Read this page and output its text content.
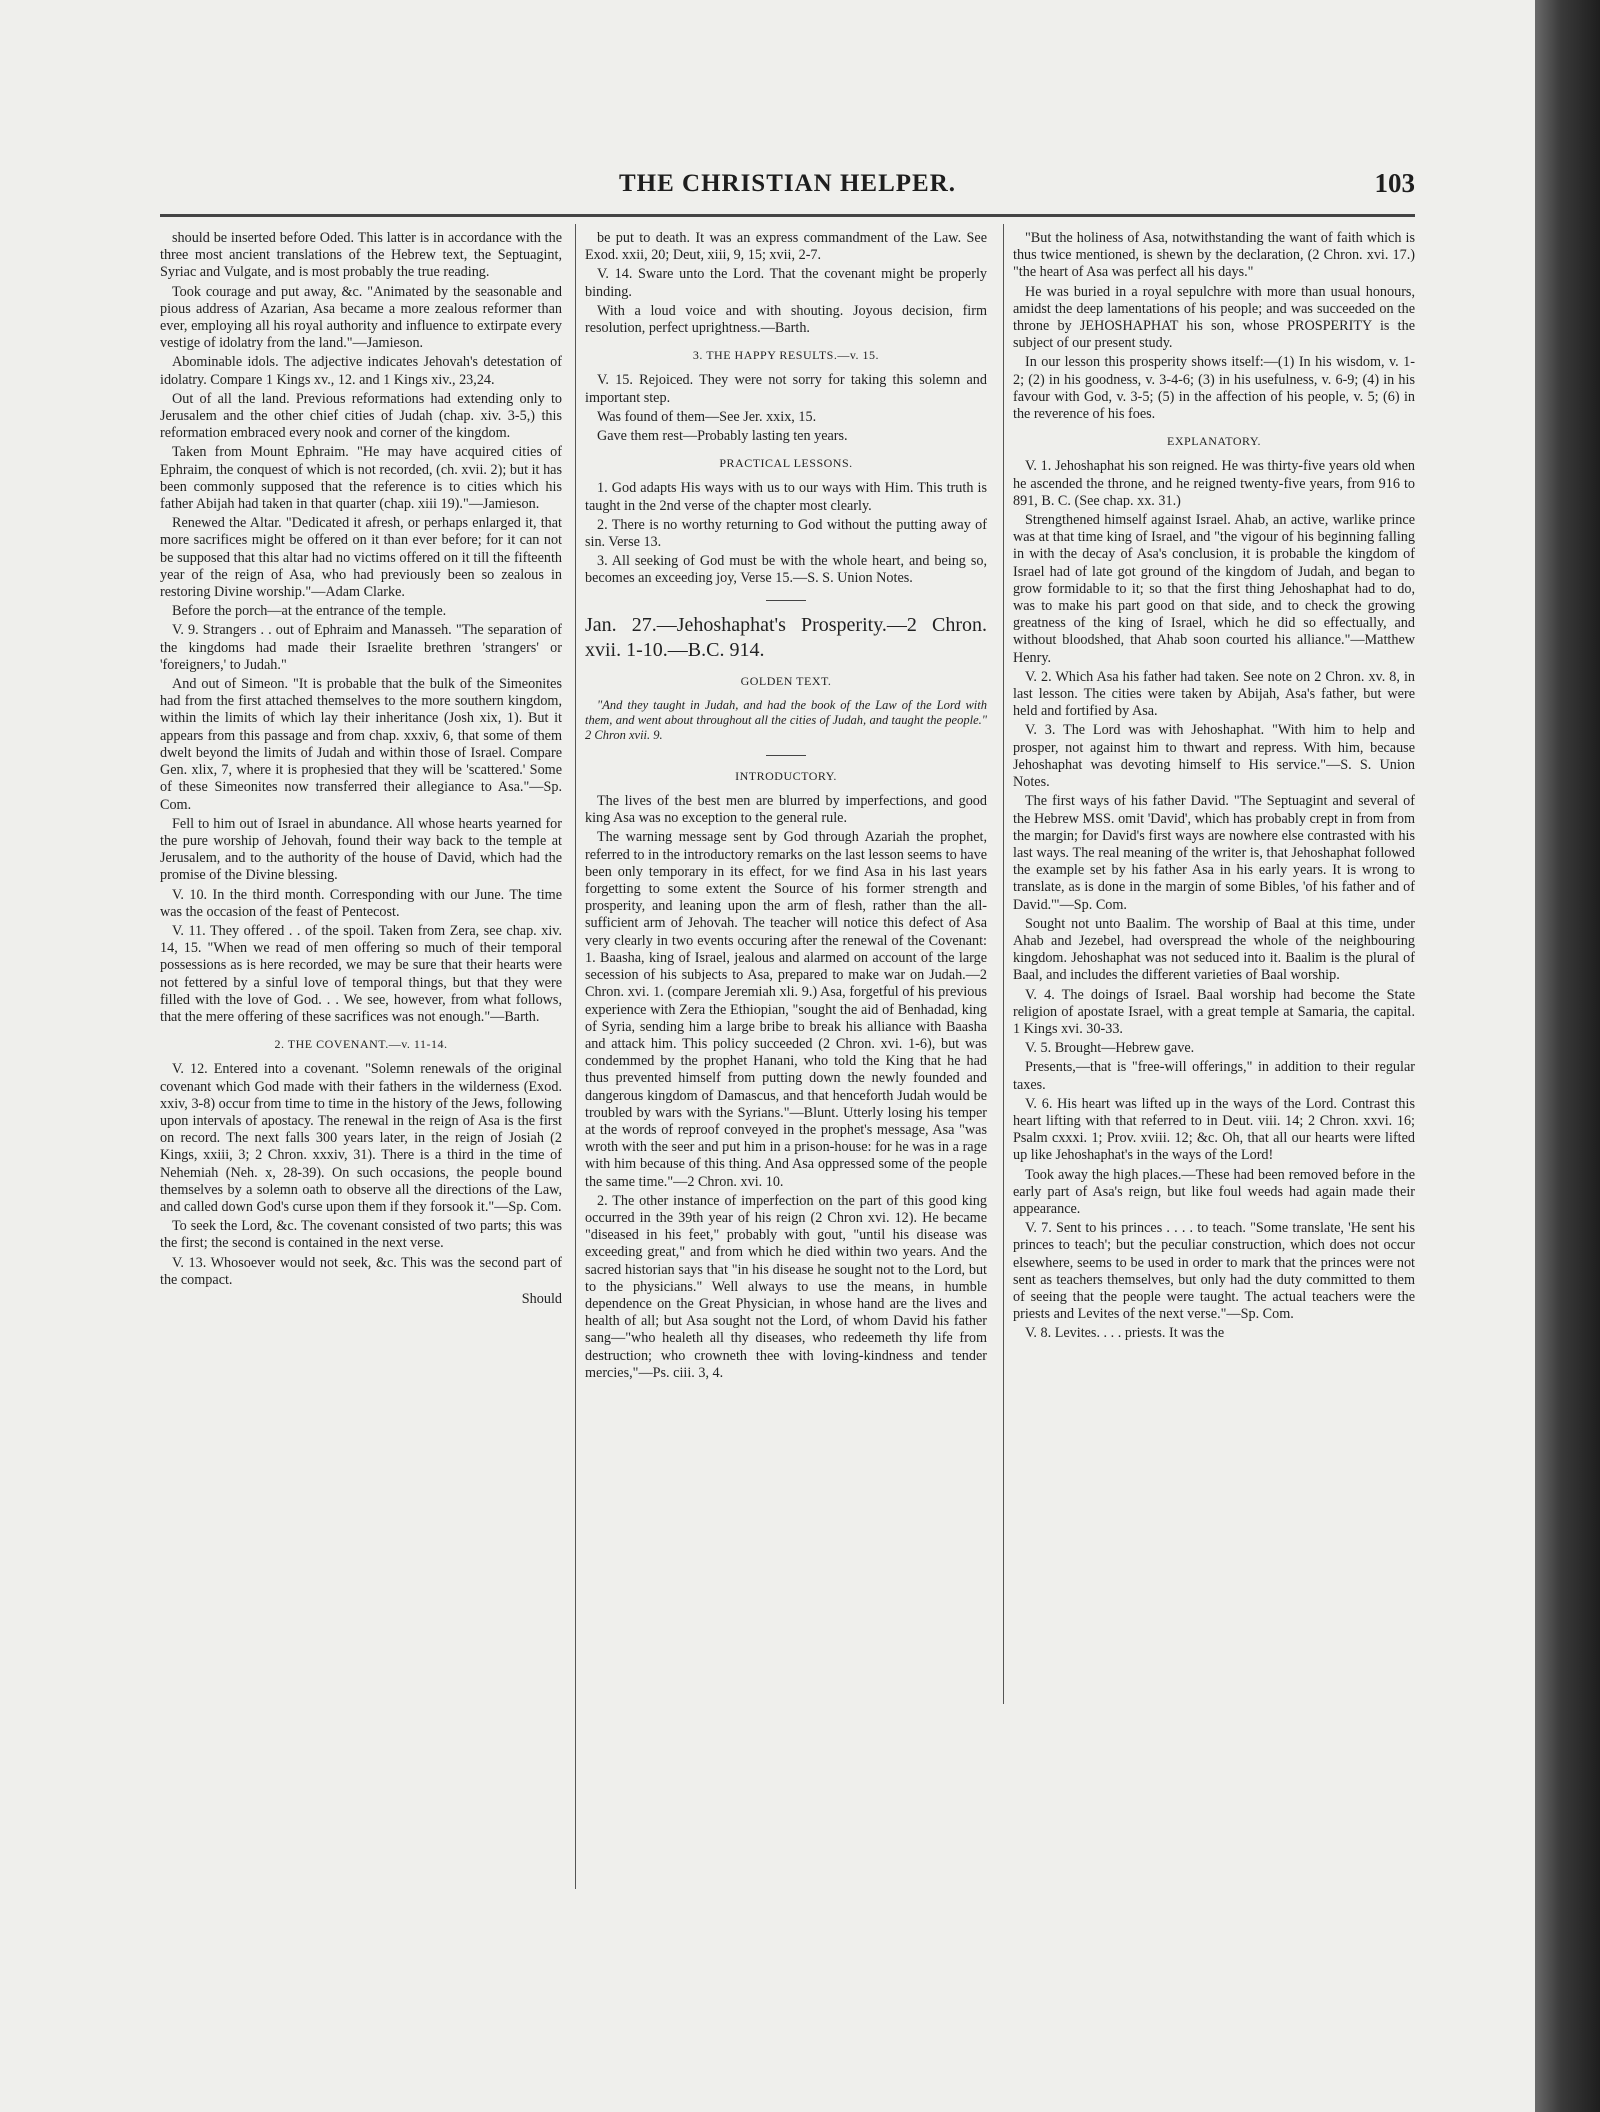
THE CHRISTIAN HELPER.	103

should be inserted before Oded. This latter is in accordance with the three most ancient translations of the Hebrew text, the Septuagint, Syriac and Vulgate, and is most probably the true reading.

Took courage and put away, &c. "Animated by the seasonable and pious address of Azarian, Asa became a more zealous reformer than ever, employing all his royal authority and influence to extirpate every vestige of idolatry from the land."—Jamieson.

Abominable idols. The adjective indicates Jehovah's detestation of idolatry. Compare 1 Kings xv., 12. and 1 Kings xiv., 23,24.

Out of all the land. Previous reformations had extending only to Jerusalem and the other chief cities of Judah (chap. xiv. 3-5,) this reformation embraced every nook and corner of the kingdom.

Taken from Mount Ephraim. "He may have acquired cities of Ephraim, the conquest of which is not recorded, (ch. xvii. 2); but it has been commonly supposed that the reference is to cities which his father Abijah had taken in that quarter (chap. xiii 19)."—Jamieson.

Renewed the Altar. "Dedicated it afresh, or perhaps enlarged it, that more sacrifices might be offered on it than ever before; for it can not be supposed that this altar had no victims offered on it till the fifteenth year of the reign of Asa, who had previously been so zealous in restoring Divine worship."—Adam Clarke.

Before the porch—at the entrance of the temple.

V. 9. Strangers . . out of Ephraim and Manasseh. "The separation of the kingdoms had made their Israelite brethren 'strangers' or 'foreigners,' to Judah."

And out of Simeon. "It is probable that the bulk of the Simeonites had from the first attached themselves to the more southern kingdom, within the limits of which lay their inheritance (Josh xix, 1). But it appears from this passage and from chap. xxxiv, 6, that some of them dwelt beyond the limits of Judah and within those of Israel. Compare Gen. xlix, 7, where it is prophesied that they will be 'scattered.' Some of these Simeonites now transferred their allegiance to Asa."—Sp. Com.

Fell to him out of Israel in abundance. All whose hearts yearned for the pure worship of Jehovah, found their way back to the temple at Jerusalem, and to the authority of the house of David, which had the promise of the Divine blessing.

V. 10. In the third month. Corresponding with our June. The time was the occasion of the feast of Pentecost.

V. 11. They offered . . of the spoil. Taken from Zera, see chap. xiv. 14, 15. "When we read of men offering so much of their temporal possessions as is here recorded, we may be sure that their hearts were not fettered by a sinful love of temporal things, but that they were filled with the love of God. . . We see, however, from what follows, that the mere offering of these sacrifices was not enough."—Barth.

2. THE COVENANT.—v. 11-14.

V. 12. Entered into a covenant. "Solemn renewals of the original covenant which God made with their fathers in the wilderness (Exod. xxiv, 3-8) occur from time to time in the history of the Jews, following upon intervals of apostacy. The renewal in the reign of Asa is the first on record. The next falls 300 years later, in the reign of Josiah (2 Kings, xxiii, 3; 2 Chron. xxxiv, 31). There is a third in the time of Nehemiah (Neh. x, 28-39). On such occasions, the people bound themselves by a solemn oath to observe all the directions of the Law, and called down God's curse upon them if they forsook it."—Sp. Com.

To seek the Lord, &c. The covenant consisted of two parts; this was the first; the second is contained in the next verse.

V. 13. Whosoever would not seek, &c. This was the second part of the compact.

Should

be put to death. It was an express commandment of the Law. See Exod. xxii, 20; Deut, xiii, 9, 15; xvii, 2-7.

V. 14. Sware unto the Lord. That the covenant might be properly binding.

With a loud voice and with shouting. Joyous decision, firm resolution, perfect uprightness.—Barth.

3. THE HAPPY RESULTS.—v. 15.

V. 15. Rejoiced. They were not sorry for taking this solemn and important step.

Was found of them—See Jer. xxix, 15.

Gave them rest—Probably lasting ten years.

PRACTICAL LESSONS.

1. God adapts His ways with us to our ways with Him. This truth is taught in the 2nd verse of the chapter most clearly.

2. There is no worthy returning to God without the putting away of sin. Verse 13.

3. All seeking of God must be with the whole heart, and being so, becomes an exceeding joy, Verse 15.—S. S. Union Notes.

Jan. 27.—Jehoshaphat's Prosperity.—2 Chron. xvii. 1-10.—B.C. 914.

GOLDEN TEXT.

"And they taught in Judah, and had the book of the Law of the Lord with them, and went about throughout all the cities of Judah, and taught the people." 2 Chron xvii. 9.

INTRODUCTORY.

The lives of the best men are blurred by imperfections, and good king Asa was no exception to the general rule.

The warning message sent by God through Azariah the prophet, referred to in the introductory remarks on the last lesson seems to have been only temporary in its effect, for we find Asa in his last years forgetting to some extent the Source of his former strength and prosperity, and leaning upon the arm of flesh, rather than the all-sufficient arm of Jehovah. The teacher will notice this defect of Asa very clearly in two events occuring after the renewal of the Covenant: 1. Baasha, king of Israel, jealous and alarmed on account of the large secession of his subjects to Asa, prepared to make war on Judah.—2 Chron. xvi. 1. (compare Jeremiah xli. 9.) Asa, forgetful of his previous experience with Zera the Ethiopian, "sought the aid of Benhadad, king of Syria, sending him a large bribe to break his alliance with Baasha and attack him. This policy succeeded (2 Chron. xvi. 1-6), but was condemmed by the prophet Hanani, who told the King that he had thus prevented himself from putting down the newly founded and dangerous kingdom of Damascus, and that henceforth Judah would be troubled by wars with the Syrians."—Blunt. Utterly losing his temper at the words of reproof conveyed in the prophet's message, Asa "was wroth with the seer and put him in a prison-house: for he was in a rage with him because of this thing. And Asa oppressed some of the people the same time."—2 Chron. xvi. 10.

2. The other instance of imperfection on the part of this good king occurred in the 39th year of his reign (2 Chron xvi. 12). He became "diseased in his feet," probably with gout, "until his disease was exceeding great," and from which he died within two years. And the sacred historian says that "in his disease he sought not to the Lord, but to the physicians." Well always to use the means, in humble dependence on the Great Physician, in whose hand are the lives and health of all; but Asa sought not the Lord, of whom David his father sang—"who healeth all thy diseases, who redeemeth thy life from destruction; who crowneth thee with loving-kindness and tender mercies,"—Ps. ciii. 3, 4.

"But the holiness of Asa, notwithstanding the want of faith which is thus twice mentioned, is shewn by the declaration, (2 Chron. xvi. 17.) "the heart of Asa was perfect all his days."

He was buried in a royal sepulchre with more than usual honours, amidst the deep lamentations of his people; and was succeeded on the throne by JEHOSHAPHAT his son, whose PROSPERITY is the subject of our present study.

In our lesson this prosperity shows itself:—(1) In his wisdom, v. 1-2; (2) in his goodness, v. 3-4-6; (3) in his usefulness, v. 6-9; (4) in his favour with God, v. 3-5; (5) in the affection of his people, v. 5; (6) in the reverence of his foes.

EXPLANATORY.

V. 1. Jehoshaphat his son reigned. He was thirty-five years old when he ascended the throne, and he reigned twenty-five years, from 916 to 891, B. C. (See chap. xx. 31.)

Strengthened himself against Israel. Ahab, an active, warlike prince was at that time king of Israel, and "the vigour of his beginning falling in with the decay of Asa's conclusion, it is probable the kingdom of Israel had of late got ground of the kingdom of Judah, and began to grow formidable to it; so that the first thing Jehoshaphat had to do, was to make his part good on that side, and to check the growing greatness of the king of Israel, which he did so effectually, and without bloodshed, that Ahab soon courted his alliance."—Matthew Henry.

V. 2. Which Asa his father had taken. See note on 2 Chron. xv. 8, in last lesson. The cities were taken by Abijah, Asa's father, but were held and fortified by Asa.

V. 3. The Lord was with Jehoshaphat. "With him to help and prosper, not against him to thwart and repress. With him, because Jehoshaphat was devoting himself to His service."—S. S. Union Notes.

The first ways of his father David. "The Septuagint and several of the Hebrew MSS. omit 'David', which has probably crept in from from the margin; for David's first ways are nowhere else contrasted with his last ways. The real meaning of the writer is, that Jehoshaphat followed the example set by his father Asa in his early years. It is wrong to translate, as is done in the margin of some Bibles, 'of his father and of David.'"—Sp. Com.

Sought not unto Baalim. The worship of Baal at this time, under Ahab and Jezebel, had overspread the whole of the neighbouring kingdom. Jehoshaphat was not seduced into it. Baalim is the plural of Baal, and includes the different varieties of Baal worship.

V. 4. The doings of Israel. Baal worship had become the State religion of apostate Israel, with a great temple at Samaria, the capital. 1 Kings xvi. 30-33.

V. 5. Brought—Hebrew gave.

Presents,—that is "free-will offerings," in addition to their regular taxes.

V. 6. His heart was lifted up in the ways of the Lord. Contrast this heart lifting with that referred to in Deut. viii. 14; 2 Chron. xxvi. 16; Psalm cxxxi. 1; Prov. xviii. 12; &c. Oh, that all our hearts were lifted up like Jehoshaphat's in the ways of the Lord!

Took away the high places.—These had been removed before in the early part of Asa's reign, but like foul weeds had again made their appearance.

V. 7. Sent to his princes . . . . to teach. "Some translate, 'He sent his princes to teach'; but the peculiar construction, which does not occur elsewhere, seems to be used in order to mark that the princes were not sent as teachers themselves, but only had the duty committed to them of seeing that the people were taught. The actual teachers were the priests and Levites of the next verse."—Sp. Com.

V. 8. Levites. . . . priests. It was the
